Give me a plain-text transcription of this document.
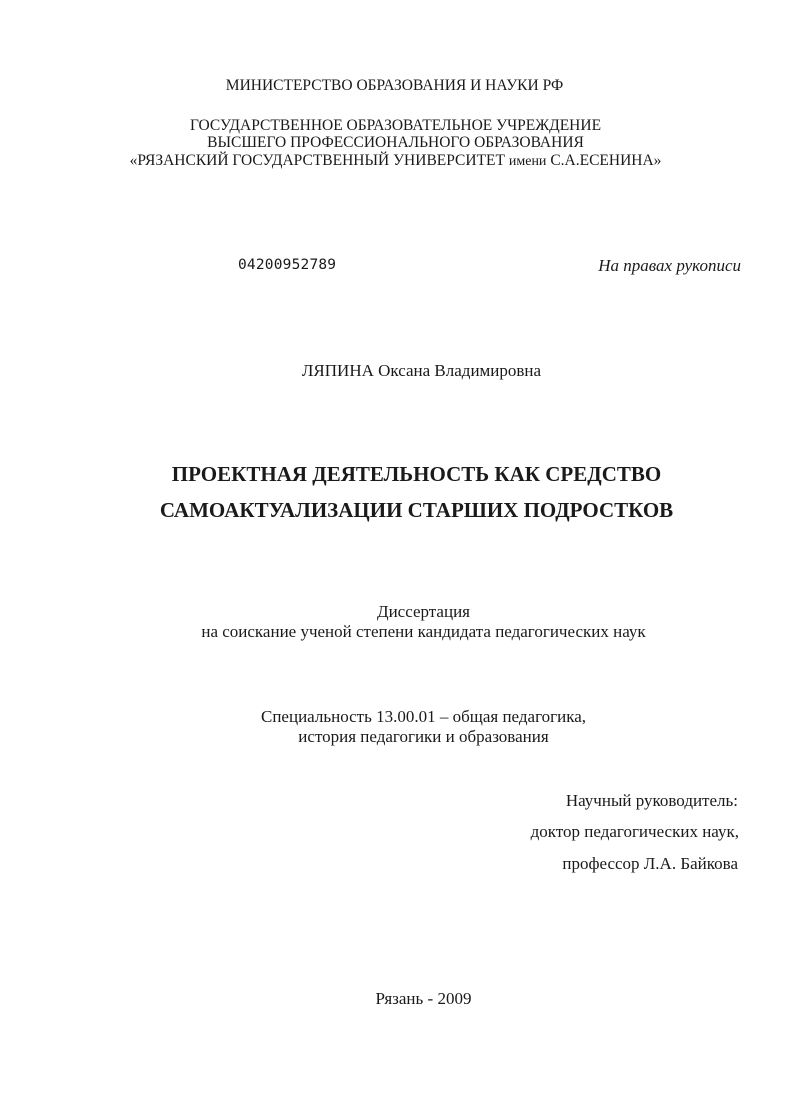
МИНИСТЕРСТВО ОБРАЗОВАНИЯ И НАУКИ РФ
ГОСУДАРСТВЕННОЕ ОБРАЗОВАТЕЛЬНОЕ УЧРЕЖДЕНИЕ
ВЫСШЕГО ПРОФЕССИОНАЛЬНОГО ОБРАЗОВАНИЯ
«РЯЗАНСКИЙ ГОСУДАРСТВЕННЫЙ УНИВЕРСИТЕТ имени С.А.ЕСЕНИНА»
04200952789	На правах рукописи
ЛЯПИНА Оксана Владимировна
ПРОЕКТНАЯ ДЕЯТЕЛЬНОСТЬ КАК СРЕДСТВО
САМОАКТУАЛИЗАЦИИ СТАРШИХ ПОДРОСТКОВ
Диссертация
на соискание ученой степени кандидата педагогических наук
Специальность 13.00.01 – общая педагогика,
история педагогики и образования
Научный руководитель:
доктор педагогических наук,
профессор Л.А. Байкова
Рязань - 2009
